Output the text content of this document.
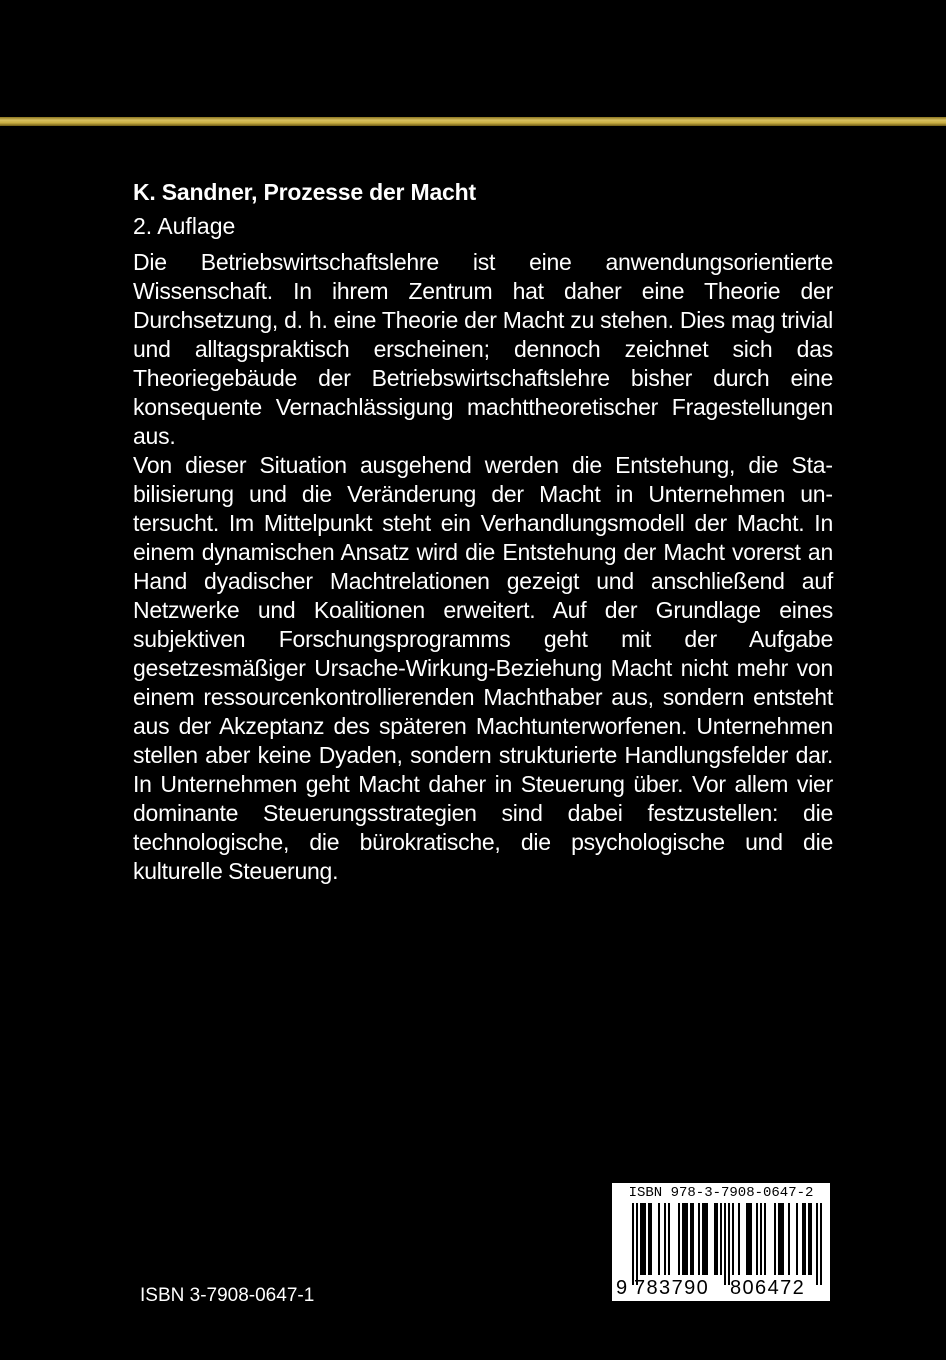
K. Sandner, Prozesse der Macht
2. Auflage

Die Betriebswirtschaftslehre ist eine anwendungsorientierte Wissenschaft. In ihrem Zentrum hat daher eine Theorie der Durchsetzung, d. h. eine Theorie der Macht zu stehen. Dies mag trivial und alltagspraktisch erscheinen; dennoch zeichnet sich das Theoriegebäude der Betriebswirtschaftslehre bisher durch eine konsequente Vernachlässigung machttheoretischer Fragestellungen aus.

Von dieser Situation ausgehend werden die Entstehung, die Stabilisierung und die Veränderung der Macht in Unternehmen untersucht. Im Mittelpunkt steht ein Verhandlungsmodell der Macht. In einem dynamischen Ansatz wird die Entstehung der Macht vorerst an Hand dyadischer Machtrelationen gezeigt und anschließend auf Netzwerke und Koalitionen erweitert. Auf der Grundlage eines subjektiven Forschungsprogramms geht mit der Aufgabe gesetzesmäßiger Ursache-Wirkung-Beziehung Macht nicht mehr von einem ressourcenkontrollierenden Machthaber aus, sondern entsteht aus der Akzeptanz des späteren Machtunterworfenen. Unternehmen stellen aber keine Dyaden, sondern strukturierte Handlungsfelder dar. In Unternehmen geht Macht daher in Steuerung über. Vor allem vier dominante Steuerungsstrategien sind dabei festzustellen: die technologische, die bürokratische, die psychologische und die kulturelle Steuerung.

ISBN 3-7908-0647-1
ISBN 978-3-7908-0647-2
9 783790 806472
